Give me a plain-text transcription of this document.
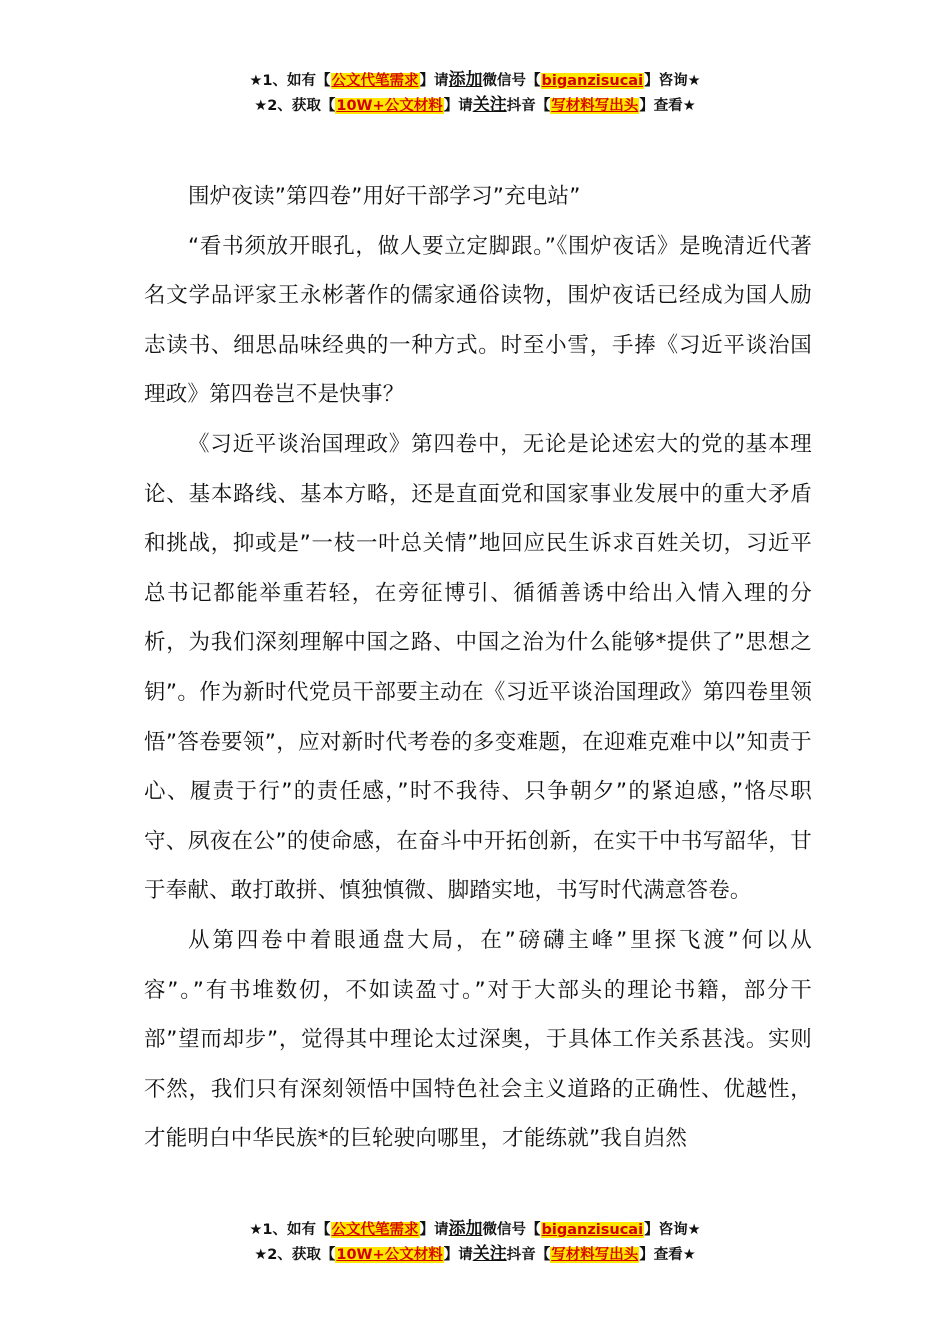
★1、如有【公文代笔需求】请添加微信号【biganzisucai】咨询★
★2、获取【10W+公文材料】请关注抖音【写材料写出头】查看★

围炉夜读”第四卷”用好干部学习”充电站”

“看书须放开眼孔，做人要立定脚跟。”《围炉夜话》是晚清近代著名文学品评家王永彬著作的儒家通俗读物，围炉夜话已经成为国人励志读书、细思品味经典的一种方式。时至小雪，手捧《习近平谈治国理政》第四卷岂不是快事？

《习近平谈治国理政》第四卷中，无论是论述宏大的党的基本理论、基本路线、基本方略，还是直面党和国家事业发展中的重大矛盾和挑战，抑或是”一枝一叶总关情”地回应民生诉求百姓关切，习近平总书记都能举重若轻，在旁征博引、循循善诱中给出入情入理的分析，为我们深刻理解中国之路、中国之治为什么能够*提供了”思想之钥”。作为新时代党员干部要主动在《习近平谈治国理政》第四卷里领悟”答卷要领”，应对新时代考卷的多变难题，在迎难克难中以”知责于心、履责于行”的责任感，”时不我待、只争朝夕”的紧迫感，”恪尽职守、夙夜在公”的使命感，在奋斗中开拓创新，在实干中书写韶华，甘于奉献、敢打敢拼、慎独慎微、脚踏实地，书写时代满意答卷。

从第四卷中着眼通盘大局，在”磅礴主峰”里探飞渡”何以从容”。”有书堆数仞，不如读盈寸。”对于大部头的理论书籍，部分干部”望而却步”，觉得其中理论太过深奥，于具体工作关系甚浅。实则不然，我们只有深刻领悟中国特色社会主义道路的正确性、优越性，才能明白中华民族*的巨轮驶向哪里，才能练就”我自岿然

★1、如有【公文代笔需求】请添加微信号【biganzisucai】咨询★
★2、获取【10W+公文材料】请关注抖音【写材料写出头】查看★
